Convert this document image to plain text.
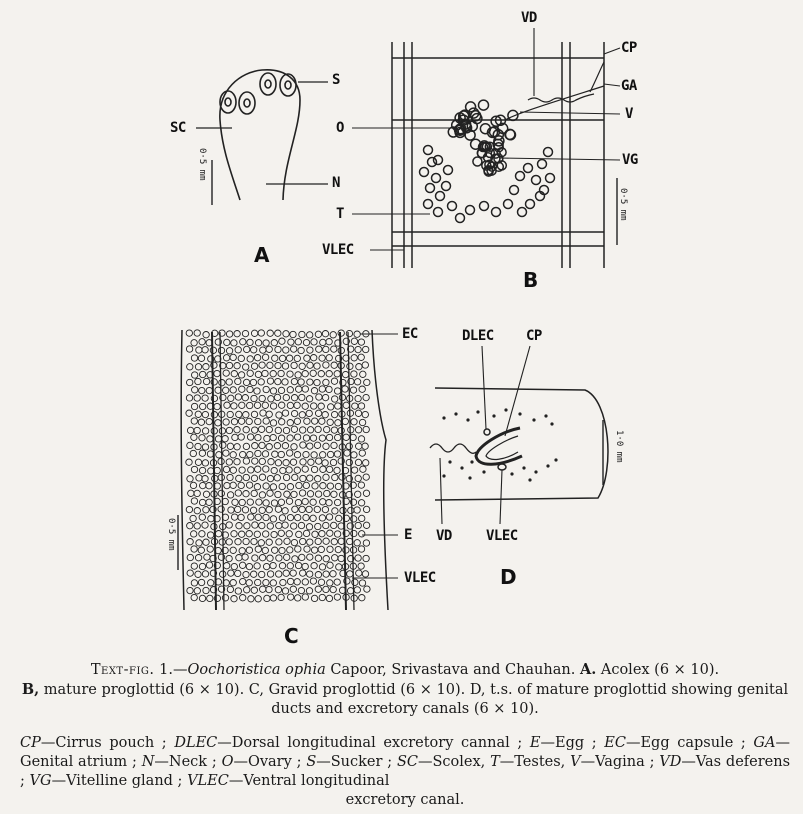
S
SC
N
0·5 mm
A
VD
CP
GA
V
O
VG
T
VLEC
0·5 mm
B
EC
E
VLEC
0·5 mm
C
DLEC CP
VD VLEC
1·0 mm
D
Text-fig. 1.—Oochoristica ophia Capoor, Srivastava and Chauhan. A. Acolex (6 × 10).
B, mature proglottid (6 × 10). C, Gravid proglottid (6 × 10). D, t.s. of mature proglottid showing genital ducts and excretory canals (6 × 10).
CP—Cirrus pouch ; DLEC—Dorsal longitudinal excretory cannal ; E—Egg ; EC—Egg capsule ; GA—Genital atrium ; N—Neck ; O—Ovary ; S—Sucker ; SC—Scolex, T—Testes, V—Vagina ; VD—Vas deferens ; VG—Vitelline gland ; VLEC—Ventral longitudinal
excretory canal.
